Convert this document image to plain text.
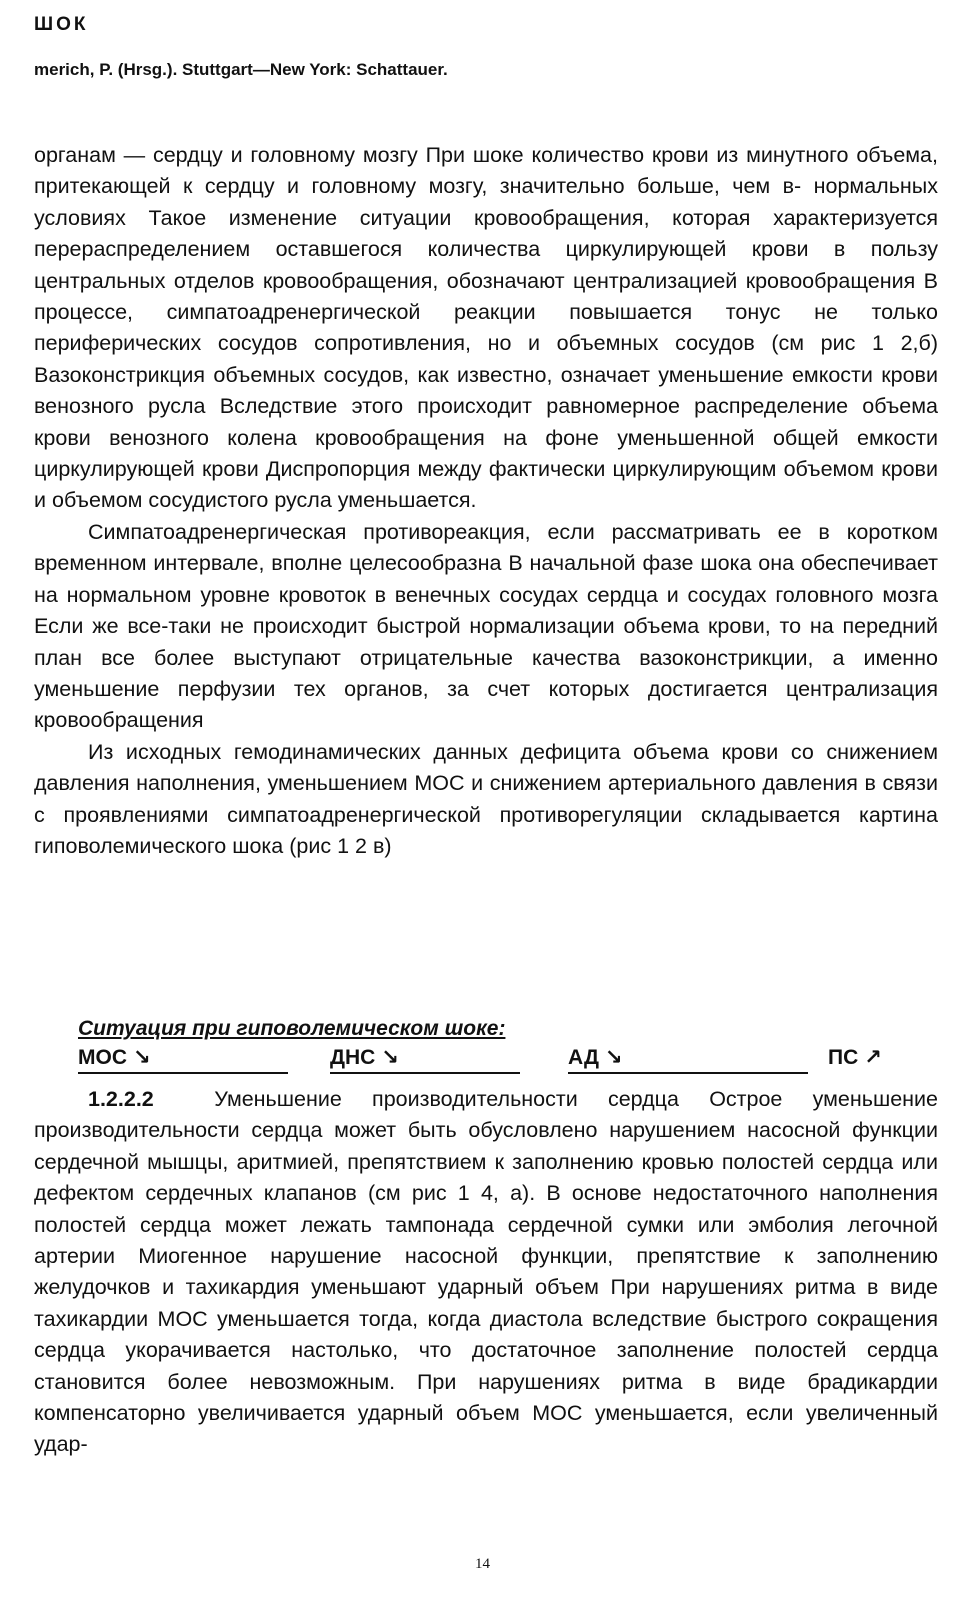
ШОК
merich, P. (Hrsg.). Stuttgart—New York: Schattauer.

органам — сердцу и головному мозгу При шоке количество крови из минутного объема, притекающей к сердцу и головному мозгу, значительно больше, чем в- нормальных условиях Такое изменение ситуации кровообращения, которая характеризуется перераспределением оставшегося количества циркулирующей крови в пользу центральных отделов кровообращения, обозначают централизацией кровообращения В процессе, симпатоадренергической реакции повышается тонус не только периферических сосудов сопротивления, но и объемных сосудов (см рис 1 2,б) Вазоконстрикция объемных сосудов, как известно, означает уменьшение емкости крови венозного русла Вследствие этого происходит равномерное распределение объема крови венозного колена кровообращения на фоне уменьшенной общей емкости циркулирующей крови Диспропорция между фактически циркулирующим объемом крови и объемом сосудистого русла уменьшается.

Симпатоадренергическая противореакция, если рассматривать ее в коротком временном интервале, вполне целесообразна В начальной фазе шока она обеспечивает на нормальном уровне кровоток в венечных сосудах сердца и сосудах головного мозга Если же все-таки не происходит быстрой нормализации объема крови, то на передний план все более выступают отрицательные качества вазоконстрикции, а именно уменьшение перфузии тех органов, за счет которых достигается централизация кровообращения

Из исходных гемодинамических данных дефицита объема крови со снижением давления наполнения, уменьшением МОС и снижением артериального давления в связи с проявлениями симпатоадренергической противорегуляции складывается картина гиповолемического шока (рис 1 2 в)

Ситуация при гиповолемическом шоке:

МОС ↘	ДНС ↘	АД ↘	ПС ↗

1.2.2.2	Уменьшение производительности сердца Острое уменьшение производительности сердца может быть обусловлено нарушением насосной функции сердечной мышцы, аритмией, препятствием к заполнению кровью полостей сердца или дефектом сердечных клапанов (см рис 1 4, а). В основе недостаточного наполнения полостей сердца может лежать тампонада сердечной сумки или эмболия легочной артерии Миогенное нарушение насосной функции, препятствие к заполнению желудочков и тахикардия уменьшают ударный объем При нарушениях ритма в виде тахикардии МОС уменьшается тогда, когда диастола вследствие быстрого сокращения сердца укорачивается настолько, что достаточное заполнение полостей сердца становится более невозможным. При нарушениях ритма в виде брадикардии компенсаторно увеличивается ударный объем МОС уменьшается, если увеличенный удар-

14
